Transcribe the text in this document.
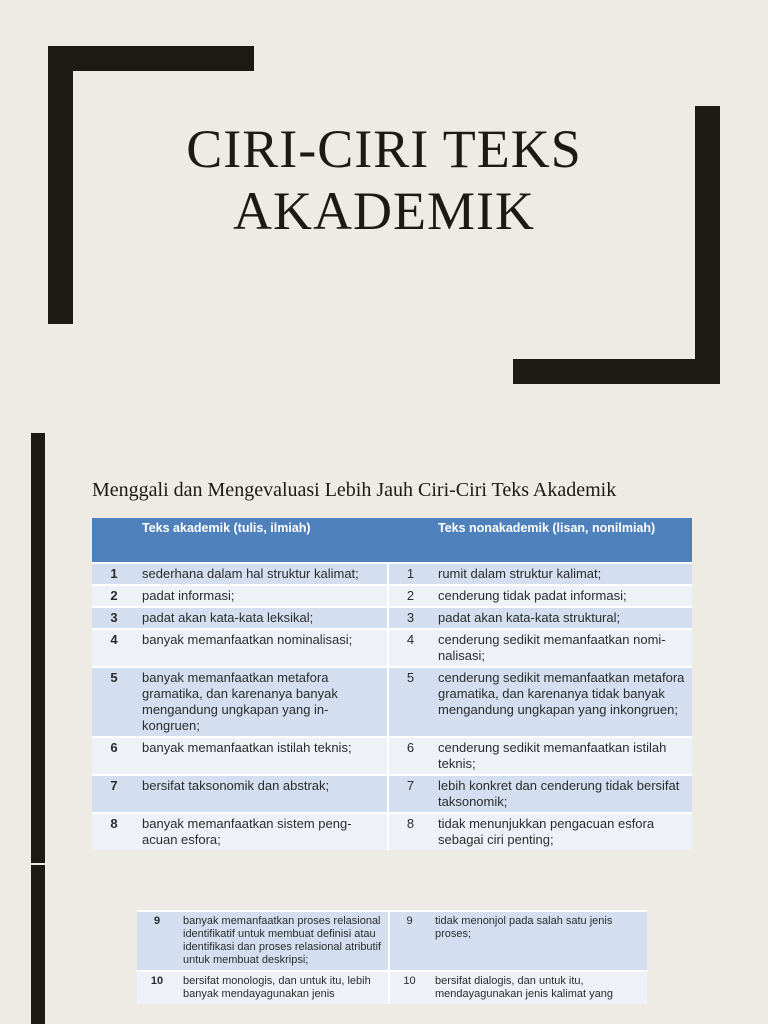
CIRI-CIRI TEKS
AKADEMIK
Menggali dan Mengevaluasi Lebih Jauh Ciri-Ciri Teks Akademik
	Teks akademik (tulis, ilmiah)		Teks nonakademik (lisan, nonilmiah)
1	sederhana dalam hal struktur kalimat;	1	rumit dalam struktur kalimat;
2	padat informasi;	2	cenderung tidak padat informasi;
3	padat akan kata-kata leksikal;	3	padat akan kata-kata struktural;
4	banyak memanfaatkan nominalisasi;	4	cenderung sedikit memanfaatkan nomi- nalisasi;
5	banyak memanfaatkan metafora gramatika, dan karenanya banyak mengandung ungkapan yang in- kongruen;	5	cenderung sedikit memanfaatkan metafora gramatika, dan karenanya tidak banyak mengandung ungkapan yang inkongruen;
6	banyak memanfaatkan istilah teknis;	6	cenderung sedikit memanfaatkan istilah teknis;
7	bersifat taksonomik dan abstrak;	7	lebih konkret dan cenderung tidak bersifat taksonomik;
8	banyak memanfaatkan sistem peng- acuan esfora;	8	tidak menunjukkan pengacuan esfora sebagai ciri penting;
9	banyak memanfaatkan proses relasional identifikatif untuk membuat definisi atau identifikasi dan proses relasional atributif untuk membuat deskripsi;	9	tidak menonjol pada salah satu jenis proses;
10	bersifat monologis, dan untuk itu, lebih banyak mendayagunakan jenis	10	bersifat dialogis, dan untuk itu, mendayagunakan jenis kalimat yang
